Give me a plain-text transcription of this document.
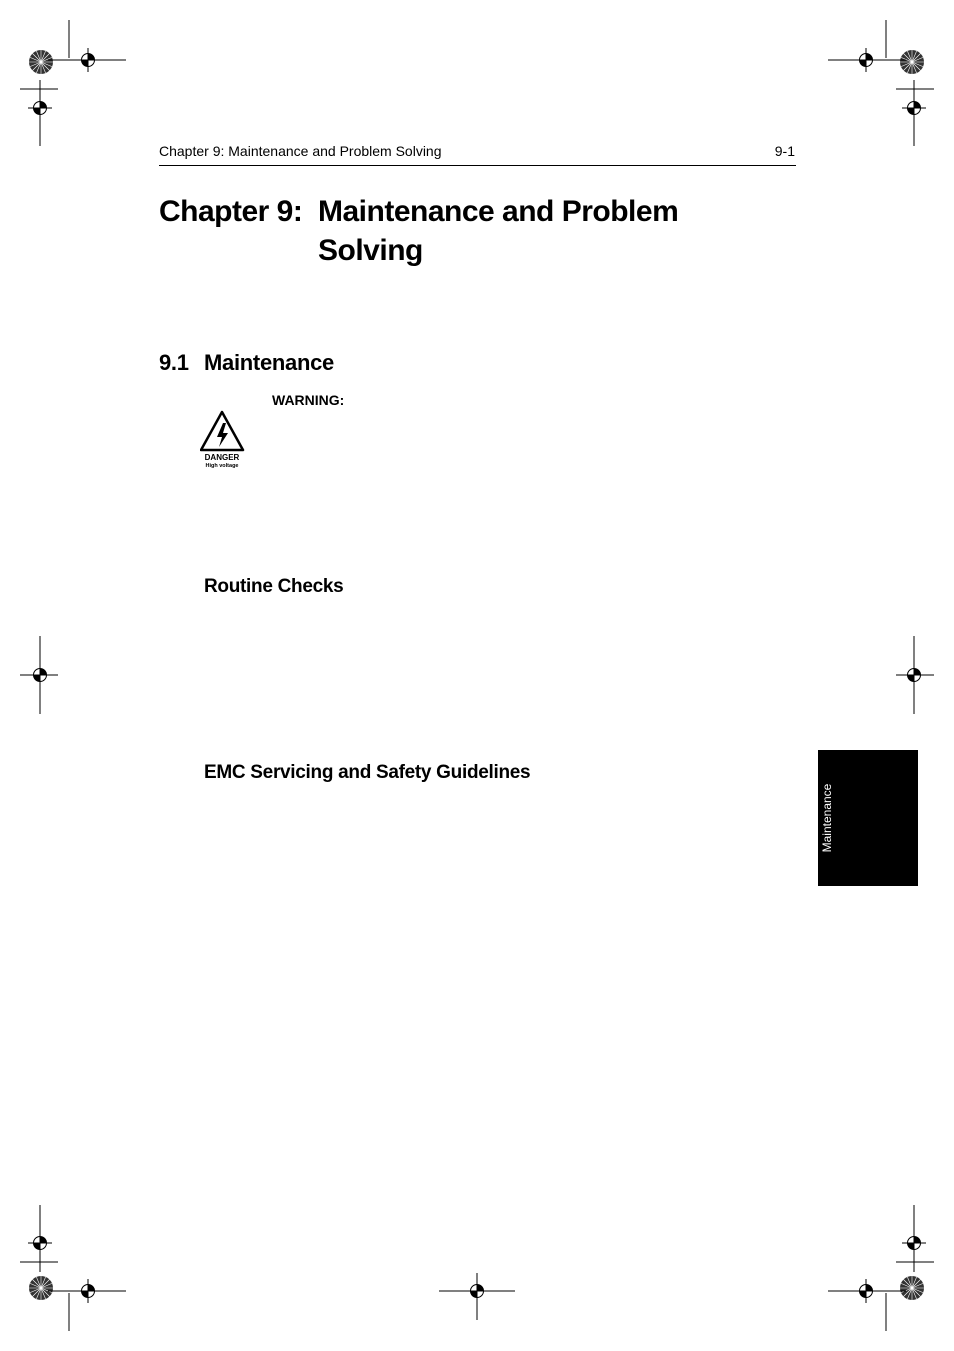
Chapter 9: Maintenance and Problem Solving	9-1
Chapter 9: Maintenance and Problem Solving
9.1 Maintenance
WARNING:
DANGER
High voltage
Routine Checks
EMC Servicing and Safety Guidelines
Maintenance
